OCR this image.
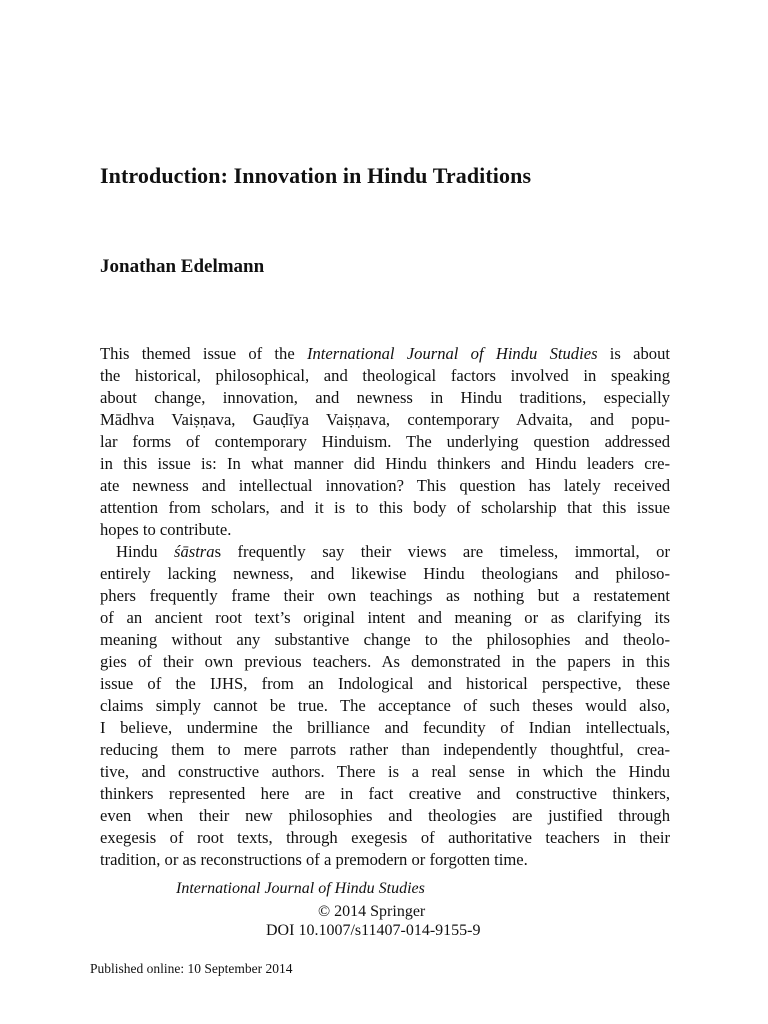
Introduction: Innovation in Hindu Traditions
Jonathan Edelmann
This themed issue of the International Journal of Hindu Studies is about
the historical, philosophical, and theological factors involved in speaking
about change, innovation, and newness in Hindu traditions, especially
Mādhva Vaiṣṇava, Gauḍīya Vaiṣṇava, contemporary Advaita, and popu-
lar forms of contemporary Hinduism. The underlying question addressed
in this issue is: In what manner did Hindu thinkers and Hindu leaders cre-
ate newness and intellectual innovation? This question has lately received
attention from scholars, and it is to this body of scholarship that this issue
hopes to contribute.
Hindu śāstras frequently say their views are timeless, immortal, or
entirely lacking newness, and likewise Hindu theologians and philoso-
phers frequently frame their own teachings as nothing but a restatement
of an ancient root text’s original intent and meaning or as clarifying its
meaning without any substantive change to the philosophies and theolo-
gies of their own previous teachers. As demonstrated in the papers in this
issue of the IJHS, from an Indological and historical perspective, these
claims simply cannot be true. The acceptance of such theses would also,
I believe, undermine the brilliance and fecundity of Indian intellectuals,
reducing them to mere parrots rather than independently thoughtful, crea-
tive, and constructive authors. There is a real sense in which the Hindu
thinkers represented here are in fact creative and constructive thinkers,
even when their new philosophies and theologies are justified through
exegesis of root texts, through exegesis of authoritative teachers in their
tradition, or as reconstructions of a premodern or forgotten time.
International Journal of Hindu Studies
© 2014 Springer
DOI 10.1007/s11407-014-9155-9
Published online: 10 September 2014
